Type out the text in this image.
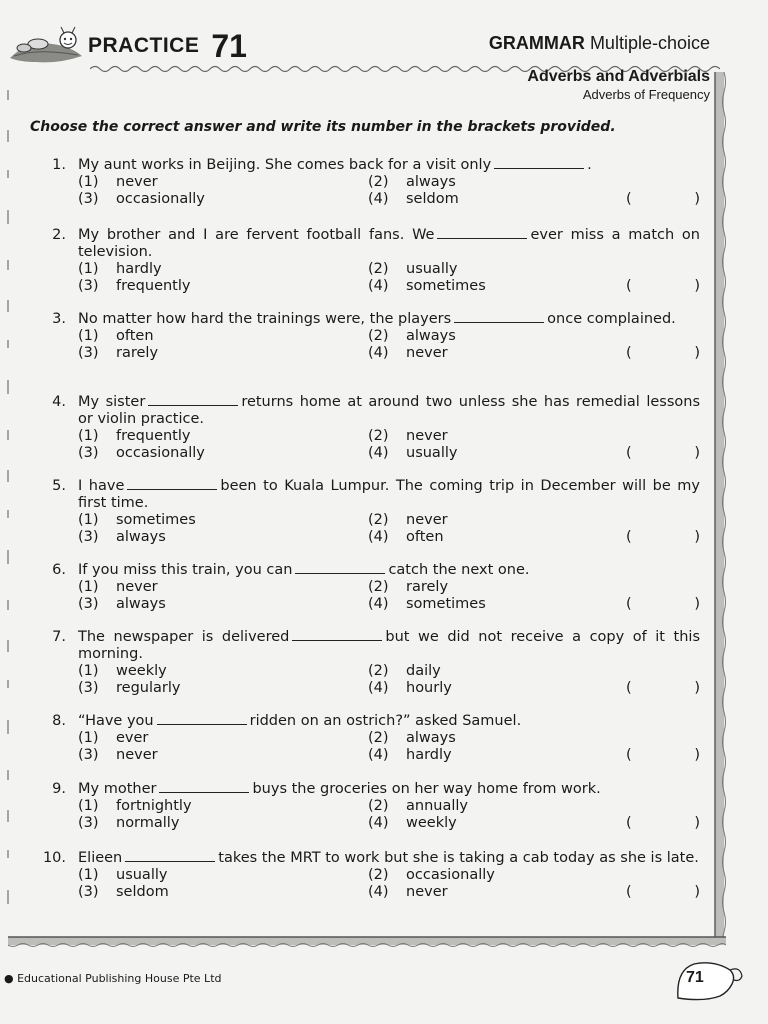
PRACTICE 71	GRAMMAR Multiple-choice
Adverbs and Adverbials
Adverbs of Frequency
Choose the correct answer and write its number in the brackets provided.
1. My aunt works in Beijing. She comes back for a visit only	.
(1) never	(2) always
(3) occasionally	(4) seldom	(	)
2. My brother and I are fervent football fans. We	ever miss a match on television.
(1) hardly	(2) usually
(3) frequently	(4) sometimes	(	)
3. No matter how hard the trainings were, the players	once complained.
(1) often	(2) always
(3) rarely	(4) never	(	)
4. My sister	returns home at around two unless she has remedial lessons or violin practice.
(1) frequently	(2) never
(3) occasionally	(4) usually	(	)
5. I have	been to Kuala Lumpur. The coming trip in December will be my first time.
(1) sometimes	(2) never
(3) always	(4) often	(	)
6. If you miss this train, you can	catch the next one.
(1) never	(2) rarely
(3) always	(4) sometimes	(	)
7. The newspaper is delivered	but we did not receive a copy of it this morning.
(1) weekly	(2) daily
(3) regularly	(4) hourly	(	)
8. “Have you	ridden on an ostrich?” asked Samuel.
(1) ever	(2) always
(3) never	(4) hardly	(	)
9. My mother	buys the groceries on her way home from work.
(1) fortnightly	(2) annually
(3) normally	(4) weekly	(	)
10. Elieen	takes the MRT to work but she is taking a cab today as she is late.
(1) usually	(2) occasionally
(3) seldom	(4) never	(	)
● Educational Publishing House Pte Ltd	71
